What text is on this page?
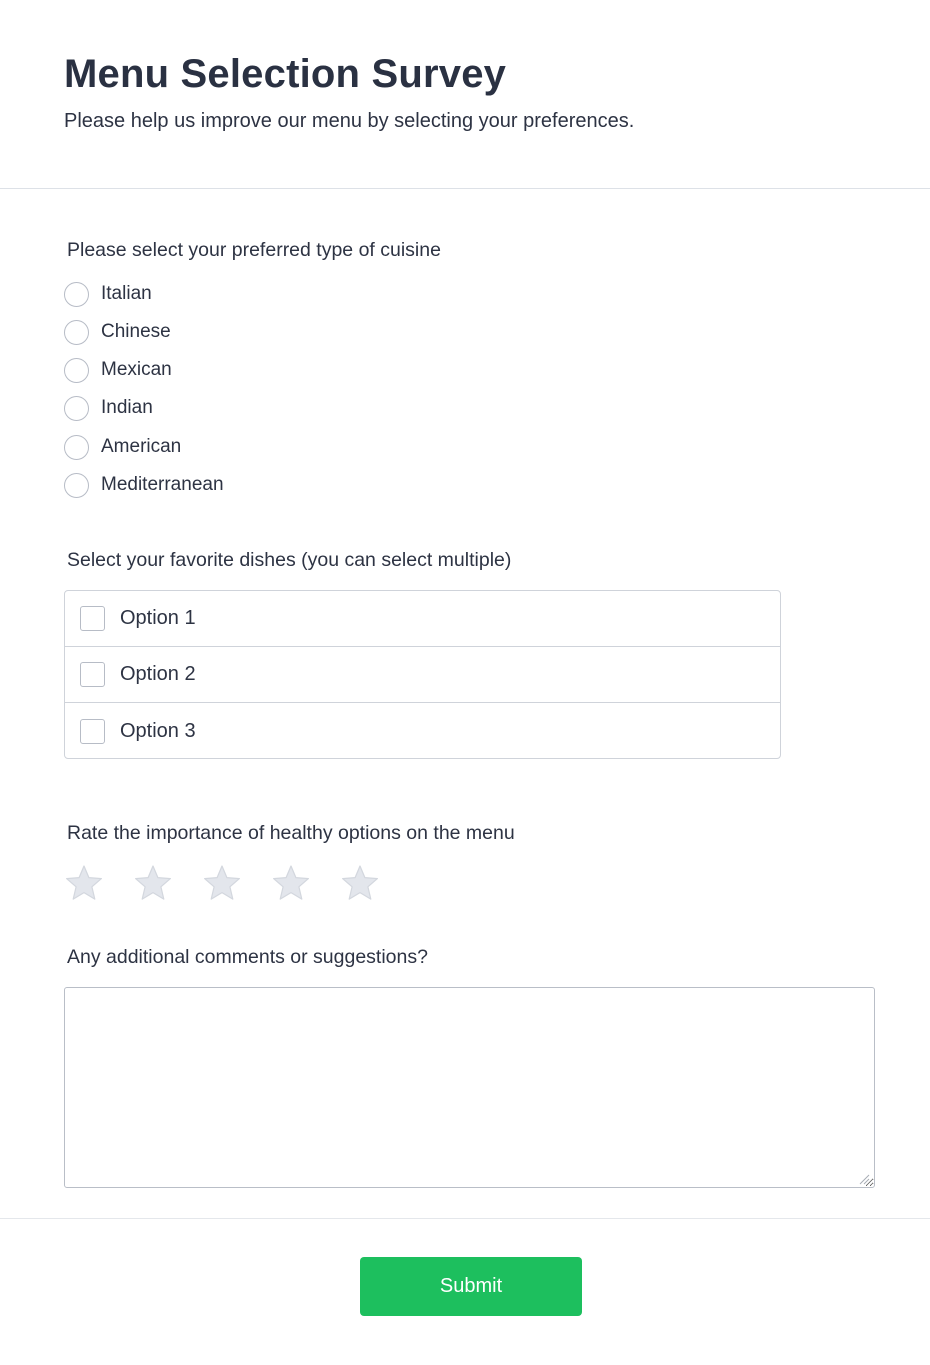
Menu Selection Survey

Please help us improve our menu by selecting your preferences.

Please select your preferred type of cuisine
Italian
Chinese
Mexican
Indian
American
Mediterranean
Select your favorite dishes (you can select multiple)
Option 1
Option 2
Option 3
Rate the importance of healthy options on the menu
Any additional comments or suggestions?
Submit
